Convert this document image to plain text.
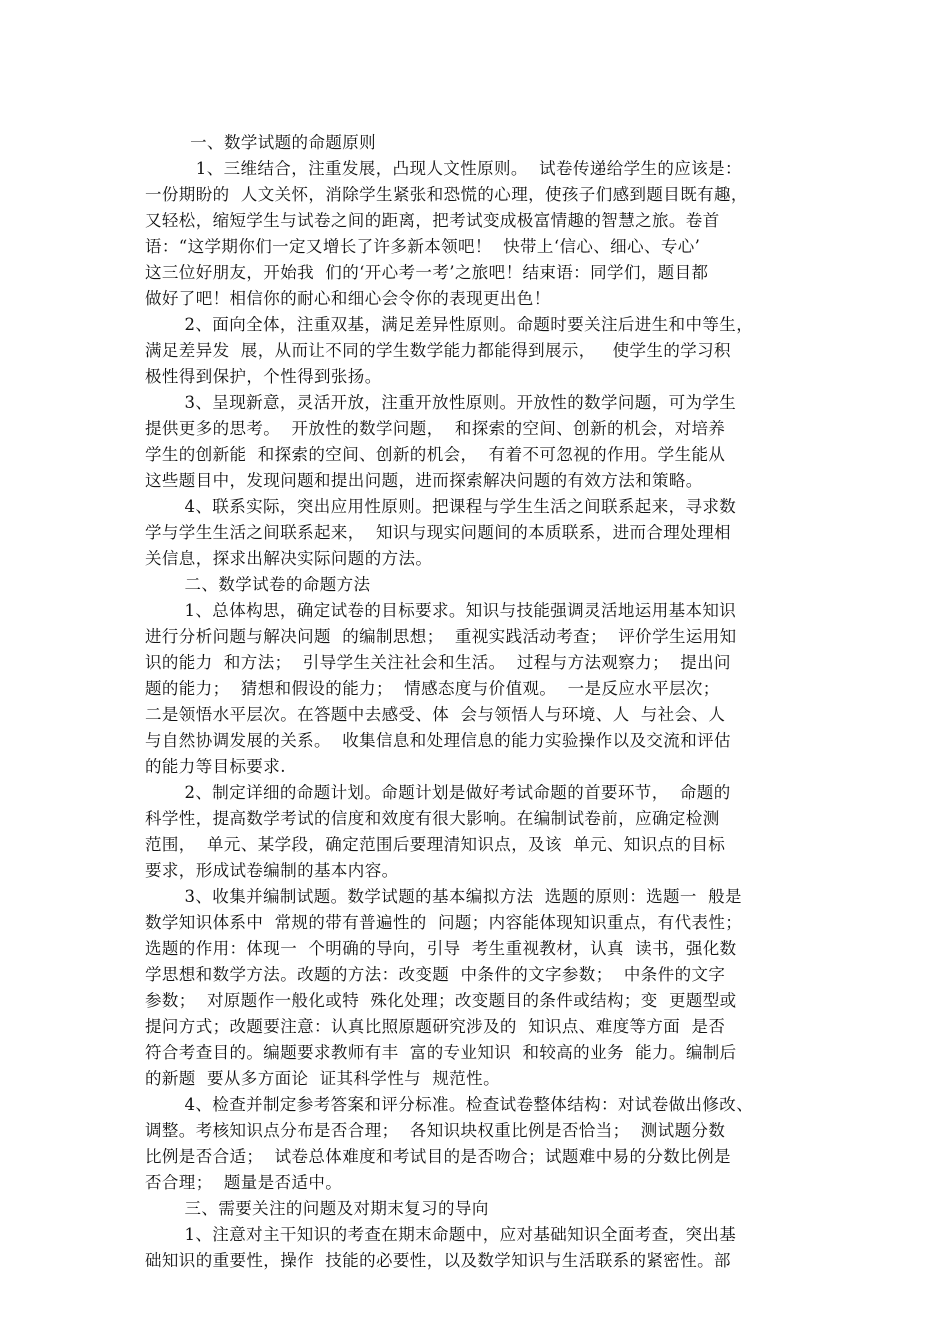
一、数学试题的命题原则
1、三维结合，注重发展，凸现人文性原则。  试卷传递给学生的应该是：
一份期盼的  人文关怀，消除学生紧张和恐慌的心理，使孩子们感到题目既有趣，
又轻松，缩短学生与试卷之间的距离，把考试变成极富情趣的智慧之旅。卷首
语：“这学期你们一定又增长了许多新本领吧！  快带上‘信心、细心、专心’
这三位好朋友，开始我  们的‘开心考一考’之旅吧！结束语：同学们，题目都
做好了吧！相信你的耐心和细心会令你的表现更出色！
2、面向全体，注重双基，满足差异性原则。命题时要关注后进生和中等生，
满足差异发  展，从而让不同的学生数学能力都能得到展示，   使学生的学习积
极性得到保护，个性得到张扬。
3、呈现新意，灵活开放，注重开放性原则。开放性的数学问题，可为学生
提供更多的思考。  开放性的数学问题，  和探索的空间、创新的机会，对培养
学生的创新能  和探索的空间、创新的机会，  有着不可忽视的作用。学生能从
这些题目中，发现问题和提出问题，进而探索解决问题的有效方法和策略。
4、联系实际，突出应用性原则。把课程与学生生活之间联系起来，寻求数
学与学生生活之间联系起来，  知识与现实问题间的本质联系，进而合理处理相
关信息，探求出解决实际问题的方法。
二、数学试卷的命题方法
1、总体构思，确定试卷的目标要求。知识与技能强调灵活地运用基本知识
进行分析问题与解决问题  的编制思想；  重视实践活动考查；  评价学生运用知
识的能力  和方法；  引导学生关注社会和生活。  过程与方法观察力；  提出问
题的能力；  猜想和假设的能力；  情感态度与价值观。  一是反应水平层次；
二是领悟水平层次。在答题中去感受、体  会与领悟人与环境、人  与社会、人
与自然协调发展的关系。  收集信息和处理信息的能力实验操作以及交流和评估
的能力等目标要求.
2、制定详细的命题计划。命题计划是做好考试命题的首要环节，  命题的
科学性，提高数学考试的信度和效度有很大影响。在编制试卷前，应确定检测
范围，  单元、某学段，确定范围后要理清知识点，及该  单元、知识点的目标
要求，形成试卷编制的基本内容。
3、收集并编制试题。数学试题的基本编拟方法  选题的原则：选题一  般是
数学知识体系中  常规的带有普遍性的  问题；内容能体现知识重点，有代表性；
选题的作用：体现一  个明确的导向，引导  考生重视教材，认真  读书，强化数
学思想和数学方法。改题的方法：改变题  中条件的文字参数；  中条件的文字
参数；  对原题作一般化或特  殊化处理；改变题目的条件或结构；变  更题型或
提问方式；改题要注意：认真比照原题研究涉及的  知识点、难度等方面  是否
符合考查目的。编题要求教师有丰  富的专业知识  和较高的业务  能力。编制后
的新题  要从多方面论  证其科学性与  规范性。
4、检查并制定参考答案和评分标准。检查试卷整体结构：对试卷做出修改、
调整。考核知识点分布是否合理；  各知识块权重比例是否恰当；  测试题分数
比例是否合适；  试卷总体难度和考试目的是否吻合；试题难中易的分数比例是
否合理；  题量是否适中。
三、需要关注的问题及对期末复习的导向
1、注意对主干知识的考查在期末命题中，应对基础知识全面考查，突出基
础知识的重要性，操作  技能的必要性，以及数学知识与生活联系的紧密性。部
